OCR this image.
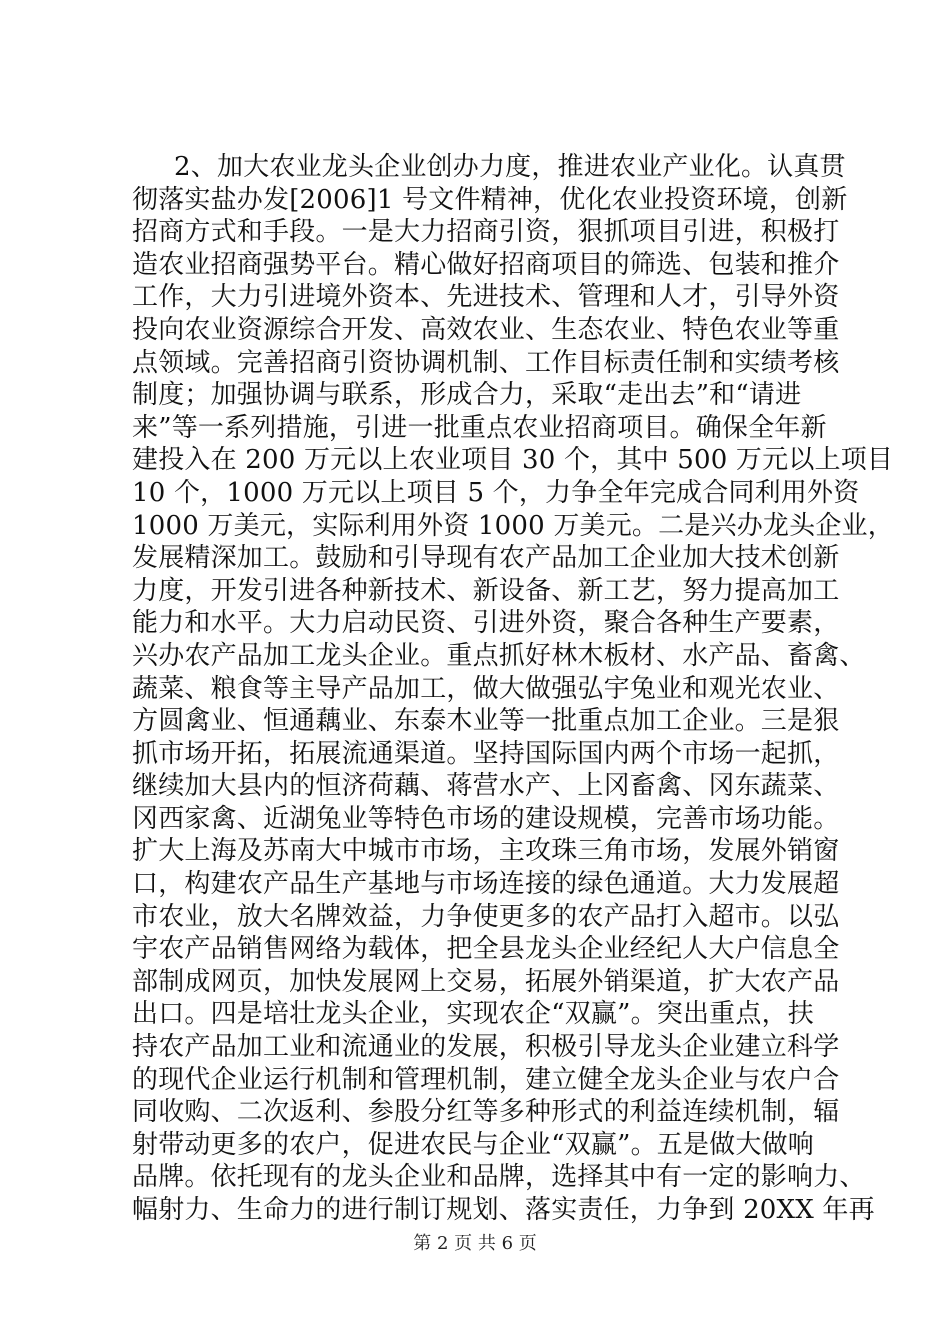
2、加大农业龙头企业创办力度，推进农业产业化。认真贯
彻落实盐办发[2006]1 号文件精神，优化农业投资环境，创新
招商方式和手段。一是大力招商引资，狠抓项目引进，积极打
造农业招商强势平台。精心做好招商项目的筛选、包装和推介
工作，大力引进境外资本、先进技术、管理和人才，引导外资
投向农业资源综合开发、高效农业、生态农业、特色农业等重
点领域。完善招商引资协调机制、工作目标责任制和实绩考核
制度；加强协调与联系，形成合力，采取“走出去”和“请进
来”等一系列措施，引进一批重点农业招商项目。确保全年新
建投入在 200 万元以上农业项目 30 个，其中 500 万元以上项目
10 个，1000 万元以上项目 5 个，力争全年完成合同利用外资
1000 万美元，实际利用外资 1000 万美元。二是兴办龙头企业，
发展精深加工。鼓励和引导现有农产品加工企业加大技术创新
力度，开发引进各种新技术、新设备、新工艺，努力提高加工
能力和水平。大力启动民资、引进外资，聚合各种生产要素，
兴办农产品加工龙头企业。重点抓好林木板材、水产品、畜禽、
蔬菜、粮食等主导产品加工，做大做强弘宇兔业和观光农业、
方圆禽业、恒通藕业、东泰木业等一批重点加工企业。三是狠
抓市场开拓，拓展流通渠道。坚持国际国内两个市场一起抓，
继续加大县内的恒济荷藕、蒋营水产、上冈畜禽、冈东蔬菜、
冈西家禽、近湖兔业等特色市场的建设规模，完善市场功能。
扩大上海及苏南大中城市市场，主攻珠三角市场，发展外销窗
口，构建农产品生产基地与市场连接的绿色通道。大力发展超
市农业，放大名牌效益，力争使更多的农产品打入超市。以弘
宇农产品销售网络为载体，把全县龙头企业经纪人大户信息全
部制成网页，加快发展网上交易，拓展外销渠道，扩大农产品
出口。四是培壮龙头企业，实现农企“双赢”。突出重点，扶
持农产品加工业和流通业的发展，积极引导龙头企业建立科学
的现代企业运行机制和管理机制，建立健全龙头企业与农户合
同收购、二次返利、参股分红等多种形式的利益连续机制，辐
射带动更多的农户，促进农民与企业“双赢”。五是做大做响
品牌。依托现有的龙头企业和品牌，选择其中有一定的影响力、
幅射力、生命力的进行制订规划、落实责任，力争到 20XX 年再
第 2 页 共 6 页
